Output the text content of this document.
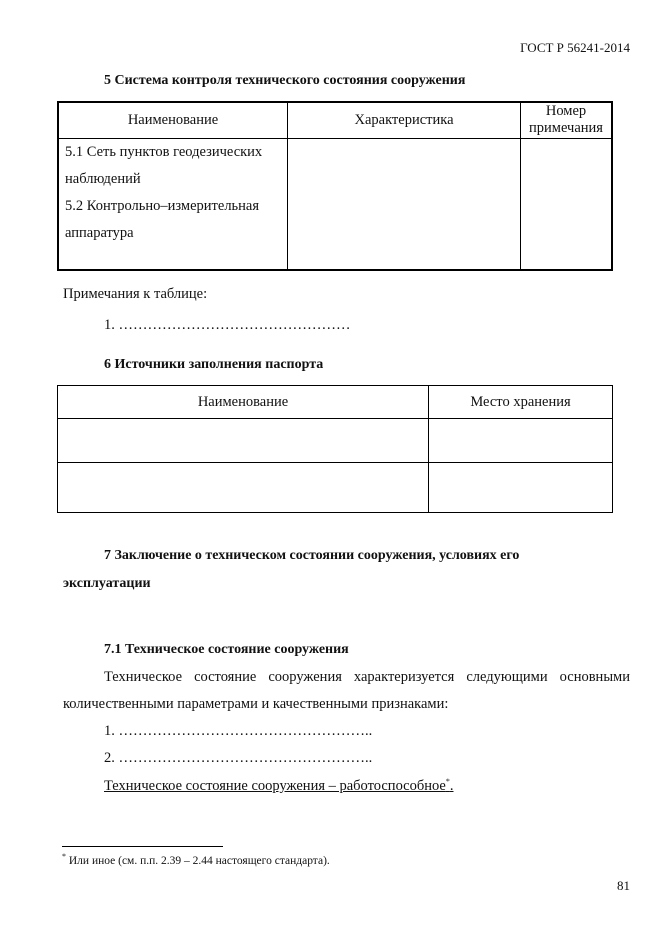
ГОСТ Р 56241-2014
5 Система контроля технического состояния сооружения
Наименование	Характеристика	Номер
примечания

5.1 Сеть пунктов геодезических
наблюдений
5.2 Контрольно–измерительная
аппаратура		

Примечания к таблице:
1. …………………………………………
6 Источники заполнения паспорта
Наименование	Место хранения

7 Заключение о техническом состоянии сооружения, условиях его
эксплуатации
7.1 Техническое состояние сооружения
Техническое состояние сооружения характеризуется следующими основными
количественными параметрами и качественными признаками:
1. ……………………………………………..
2. ……………………………………………..
Техническое состояние сооружения – работоспособное*.
* Или иное (см. п.п. 2.39 – 2.44 настоящего стандарта).
81
